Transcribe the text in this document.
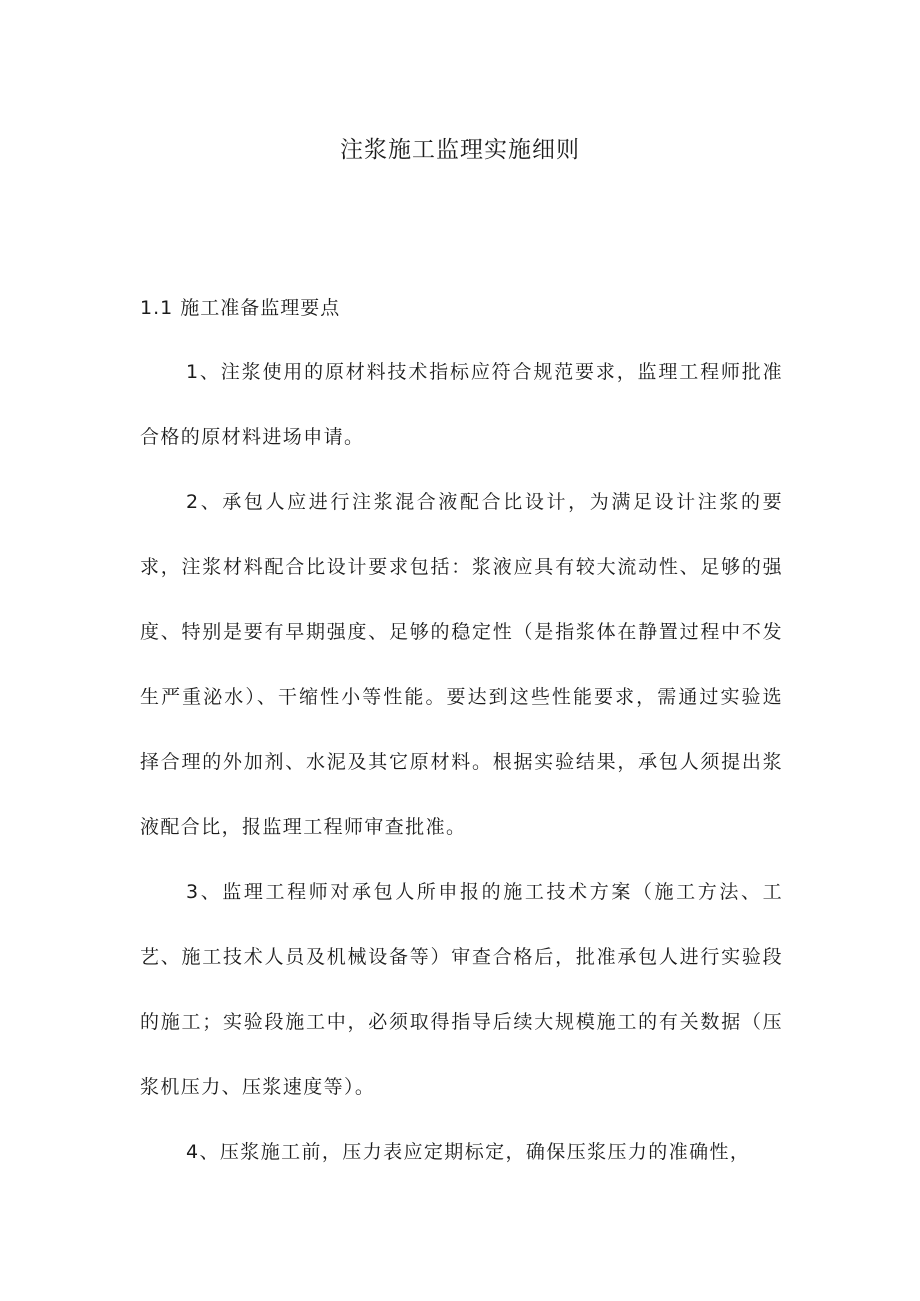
注浆施工监理实施细则
1.1 施工准备监理要点

1、注浆使用的原材料技术指标应符合规范要求，监理工程师批准合格的原材料进场申请。

2、承包人应进行注浆混合液配合比设计，为满足设计注浆的要求，注浆材料配合比设计要求包括：浆液应具有较大流动性、足够的强度、特别是要有早期强度、足够的稳定性（是指浆体在静置过程中不发生严重泌水）、干缩性小等性能。要达到这些性能要求，需通过实验选择合理的外加剂、水泥及其它原材料。根据实验结果，承包人须提出浆液配合比，报监理工程师审查批准。

3、监理工程师对承包人所申报的施工技术方案（施工方法、工艺、施工技术人员及机械设备等）审查合格后，批准承包人进行实验段的施工；实验段施工中，必须取得指导后续大规模施工的有关数据（压浆机压力、压浆速度等）。

4、压浆施工前，压力表应定期标定，确保压浆压力的准确性，
